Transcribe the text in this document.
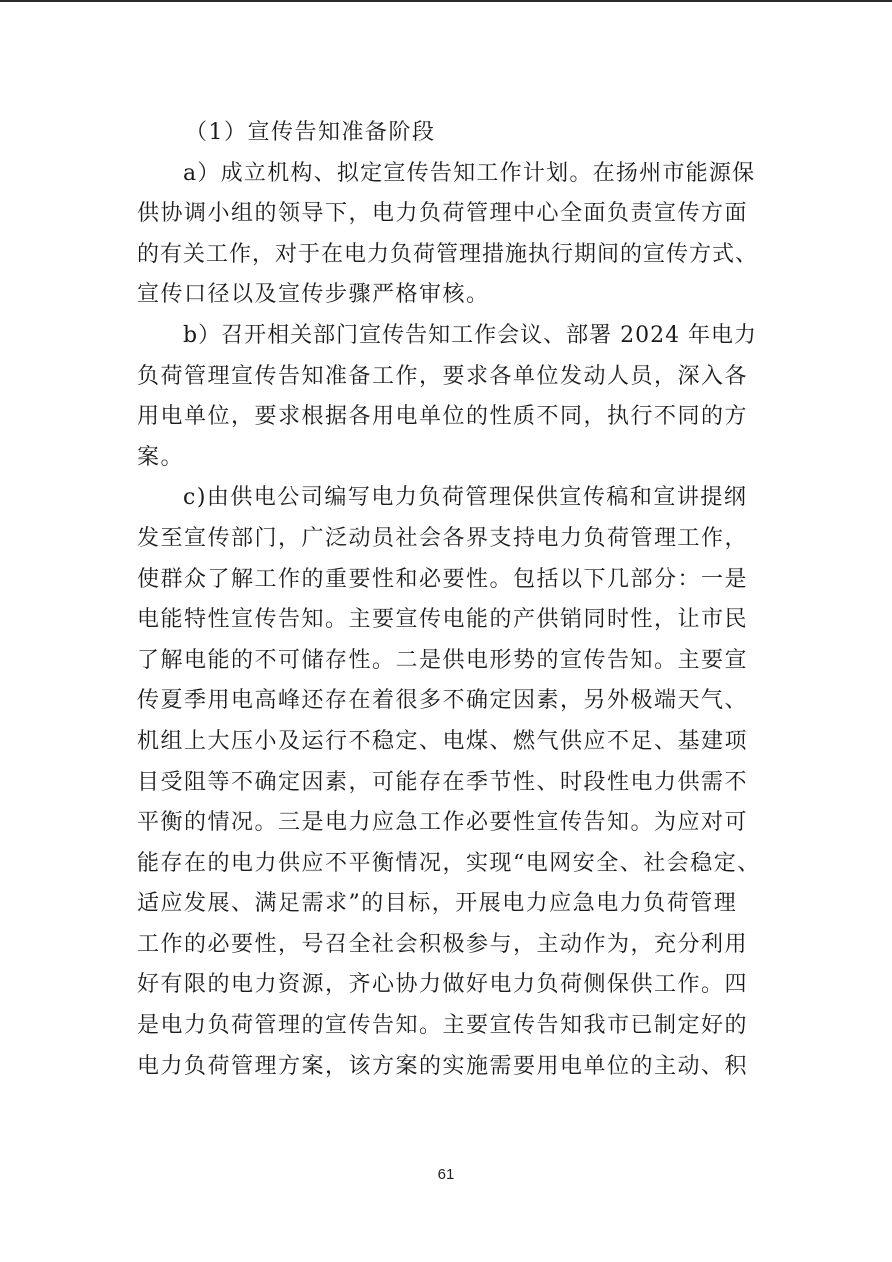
（1）宣传告知准备阶段
a）成立机构、拟定宣传告知工作计划。在扬州市能源保
供协调小组的领导下，电力负荷管理中心全面负责宣传方面
的有关工作，对于在电力负荷管理措施执行期间的宣传方式、
宣传口径以及宣传步骤严格审核。
b）召开相关部门宣传告知工作会议、部署 2024 年电力
负荷管理宣传告知准备工作，要求各单位发动人员，深入各
用电单位，要求根据各用电单位的性质不同，执行不同的方
案。
c)由供电公司编写电力负荷管理保供宣传稿和宣讲提纲
发至宣传部门，广泛动员社会各界支持电力负荷管理工作，
使群众了解工作的重要性和必要性。包括以下几部分：一是
电能特性宣传告知。主要宣传电能的产供销同时性，让市民
了解电能的不可储存性。二是供电形势的宣传告知。主要宣
传夏季用电高峰还存在着很多不确定因素，另外极端天气、
机组上大压小及运行不稳定、电煤、燃气供应不足、基建项
目受阻等不确定因素，可能存在季节性、时段性电力供需不
平衡的情况。三是电力应急工作必要性宣传告知。为应对可
能存在的电力供应不平衡情况，实现“电网安全、社会稳定、
适应发展、满足需求”的目标，开展电力应急电力负荷管理
工作的必要性，号召全社会积极参与，主动作为，充分利用
好有限的电力资源，齐心协力做好电力负荷侧保供工作。四
是电力负荷管理的宣传告知。主要宣传告知我市已制定好的
电力负荷管理方案，该方案的实施需要用电单位的主动、积
61
